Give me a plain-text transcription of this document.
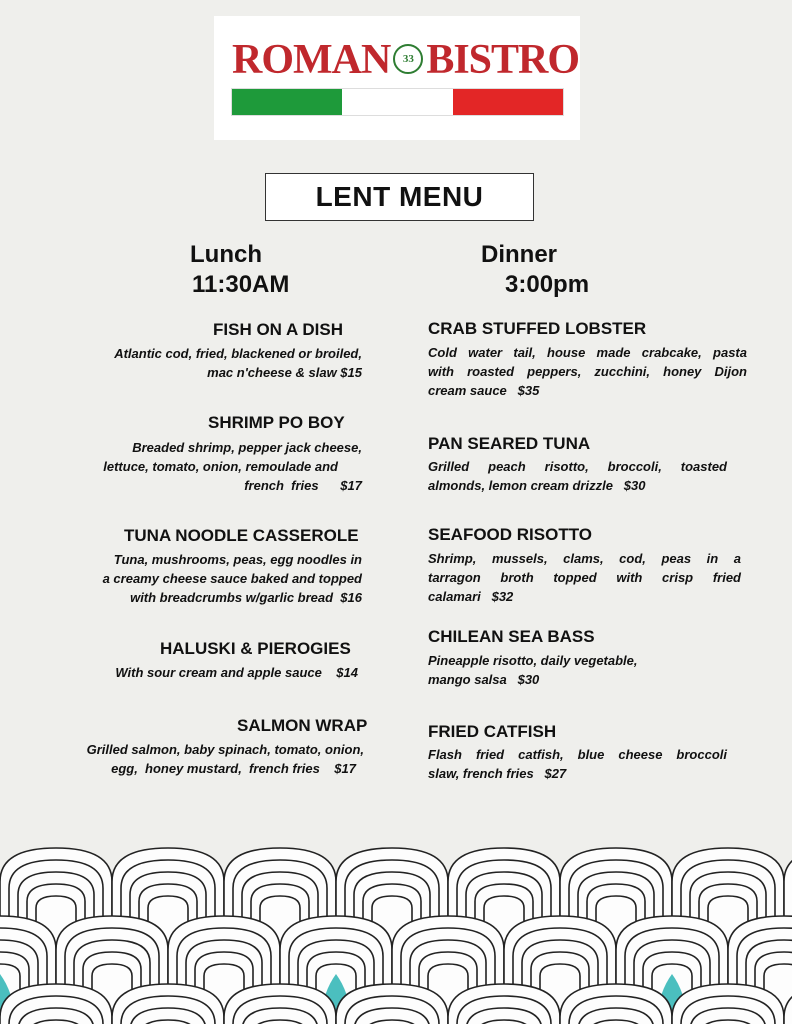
ROMAN 33 BISTRO
LENT MENU
Lunch
11:30AM
Dinner
3:00pm
FISH ON A DISH
Atlantic cod, fried, blackened or broiled,
mac n'cheese & slaw $15
SHRIMP PO BOY
Breaded shrimp, pepper jack cheese,
lettuce, tomato, onion, remoulade and
french  fries      $17
TUNA NOODLE CASSEROLE
Tuna, mushrooms, peas, egg noodles in
a creamy cheese sauce baked and topped
with breadcrumbs w/garlic bread  $16
HALUSKI & PIEROGIES
With sour cream and apple sauce    $14
SALMON WRAP
Grilled salmon, baby spinach, tomato, onion,
egg,  honey mustard,  french fries    $17
CRAB STUFFED LOBSTER
Cold water tail, house made crabcake, pasta
with roasted peppers, zucchini, honey Dijon
cream sauce   $35
PAN SEARED TUNA
Grilled peach risotto, broccoli, toasted
almonds, lemon cream drizzle   $30
SEAFOOD RISOTTO
Shrimp, mussels, clams, cod, peas in a
tarragon broth topped with crisp fried
calamari   $32
CHILEAN SEA BASS
Pineapple risotto, daily vegetable,
mango salsa   $30
FRIED CATFISH
Flash fried catfish, blue cheese broccoli
slaw, french fries   $27
